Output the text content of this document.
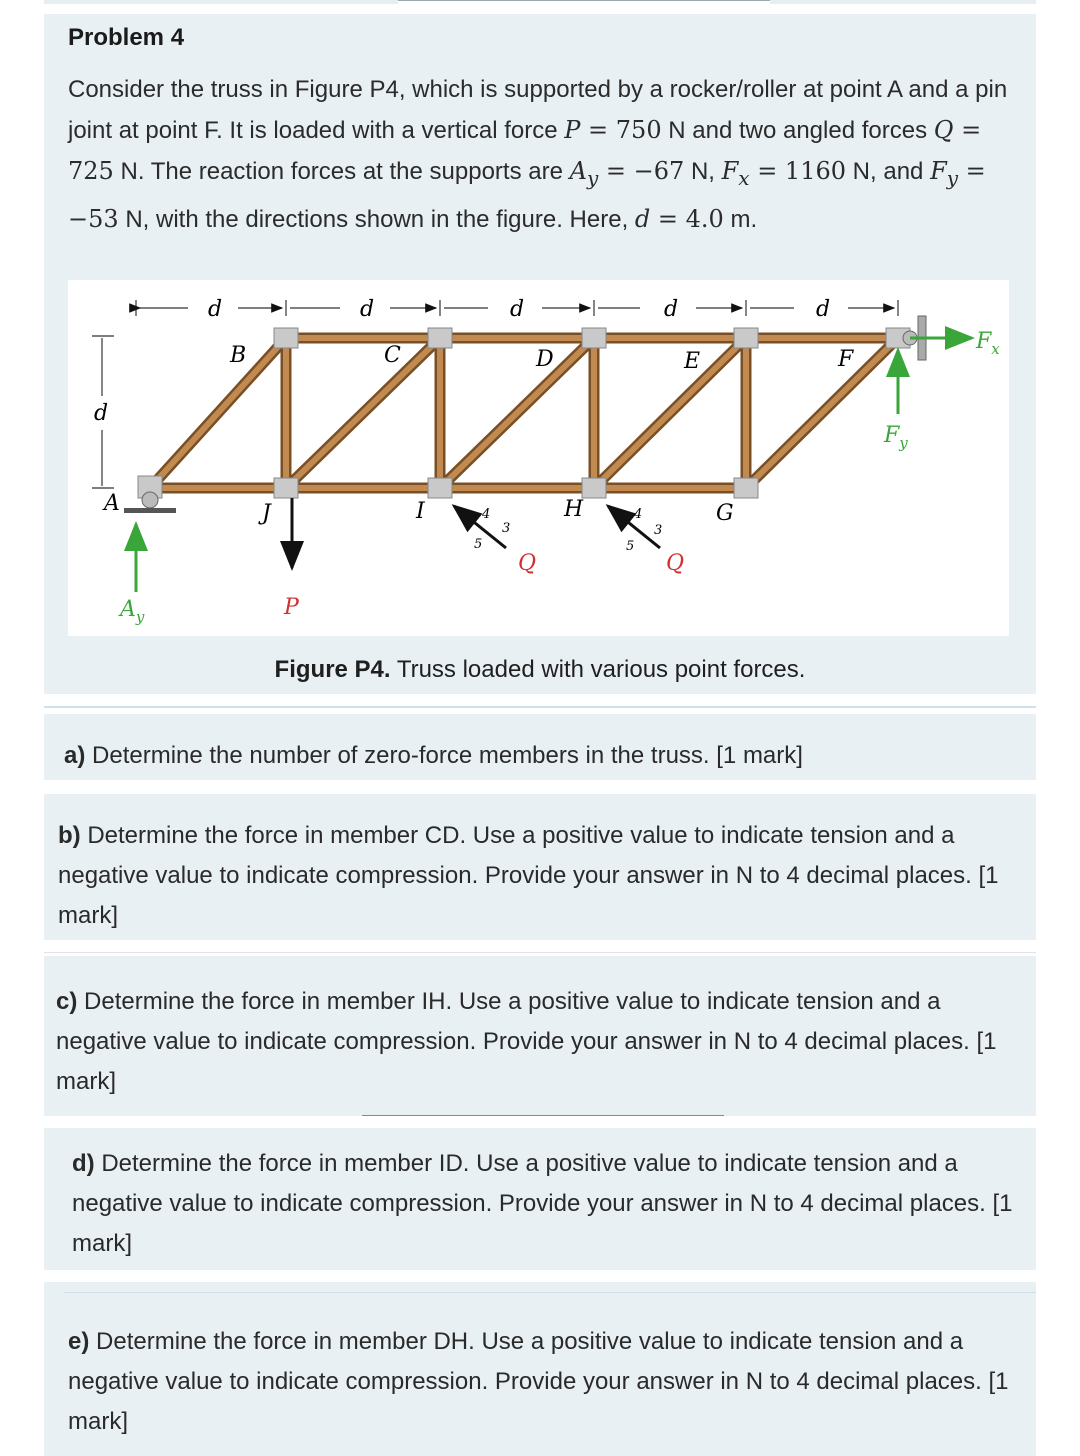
Problem 4
Consider the truss in Figure P4, which is supported by a rocker/roller at point A and a pin joint at point F. It is loaded with a vertical force P = 750 N and two angled forces Q = 725 N. The reaction forces at the supports are $A_y = -67$ N, $F_x = 1160$ N, and $F_y = -53$ N, with the directions shown in the figure. Here, d = 4.0 m.
d	d	d	d	d
d
A
B	C	D	E	F
G
H
I
J
$A_y$	P
Q
4
3
5
Q
4
3
5
$F_x$
$F_y$
Figure P4. Truss loaded with various point forces.
a) Determine the number of zero-force members in the truss. [1 mark]
b) Determine the force in member CD. Use a positive value to indicate tension and a negative value to indicate compression. Provide your answer in N to 4 decimal places. [1 mark]
c) Determine the force in member IH. Use a positive value to indicate tension and a negative value to indicate compression. Provide your answer in N to 4 decimal places. [1 mark]
d) Determine the force in member ID. Use a positive value to indicate tension and a negative value to indicate compression. Provide your answer in N to 4 decimal places. [1 mark]
e) Determine the force in member DH. Use a positive value to indicate tension and a negative value to indicate compression. Provide your answer in N to 4 decimal places. [1 mark]
